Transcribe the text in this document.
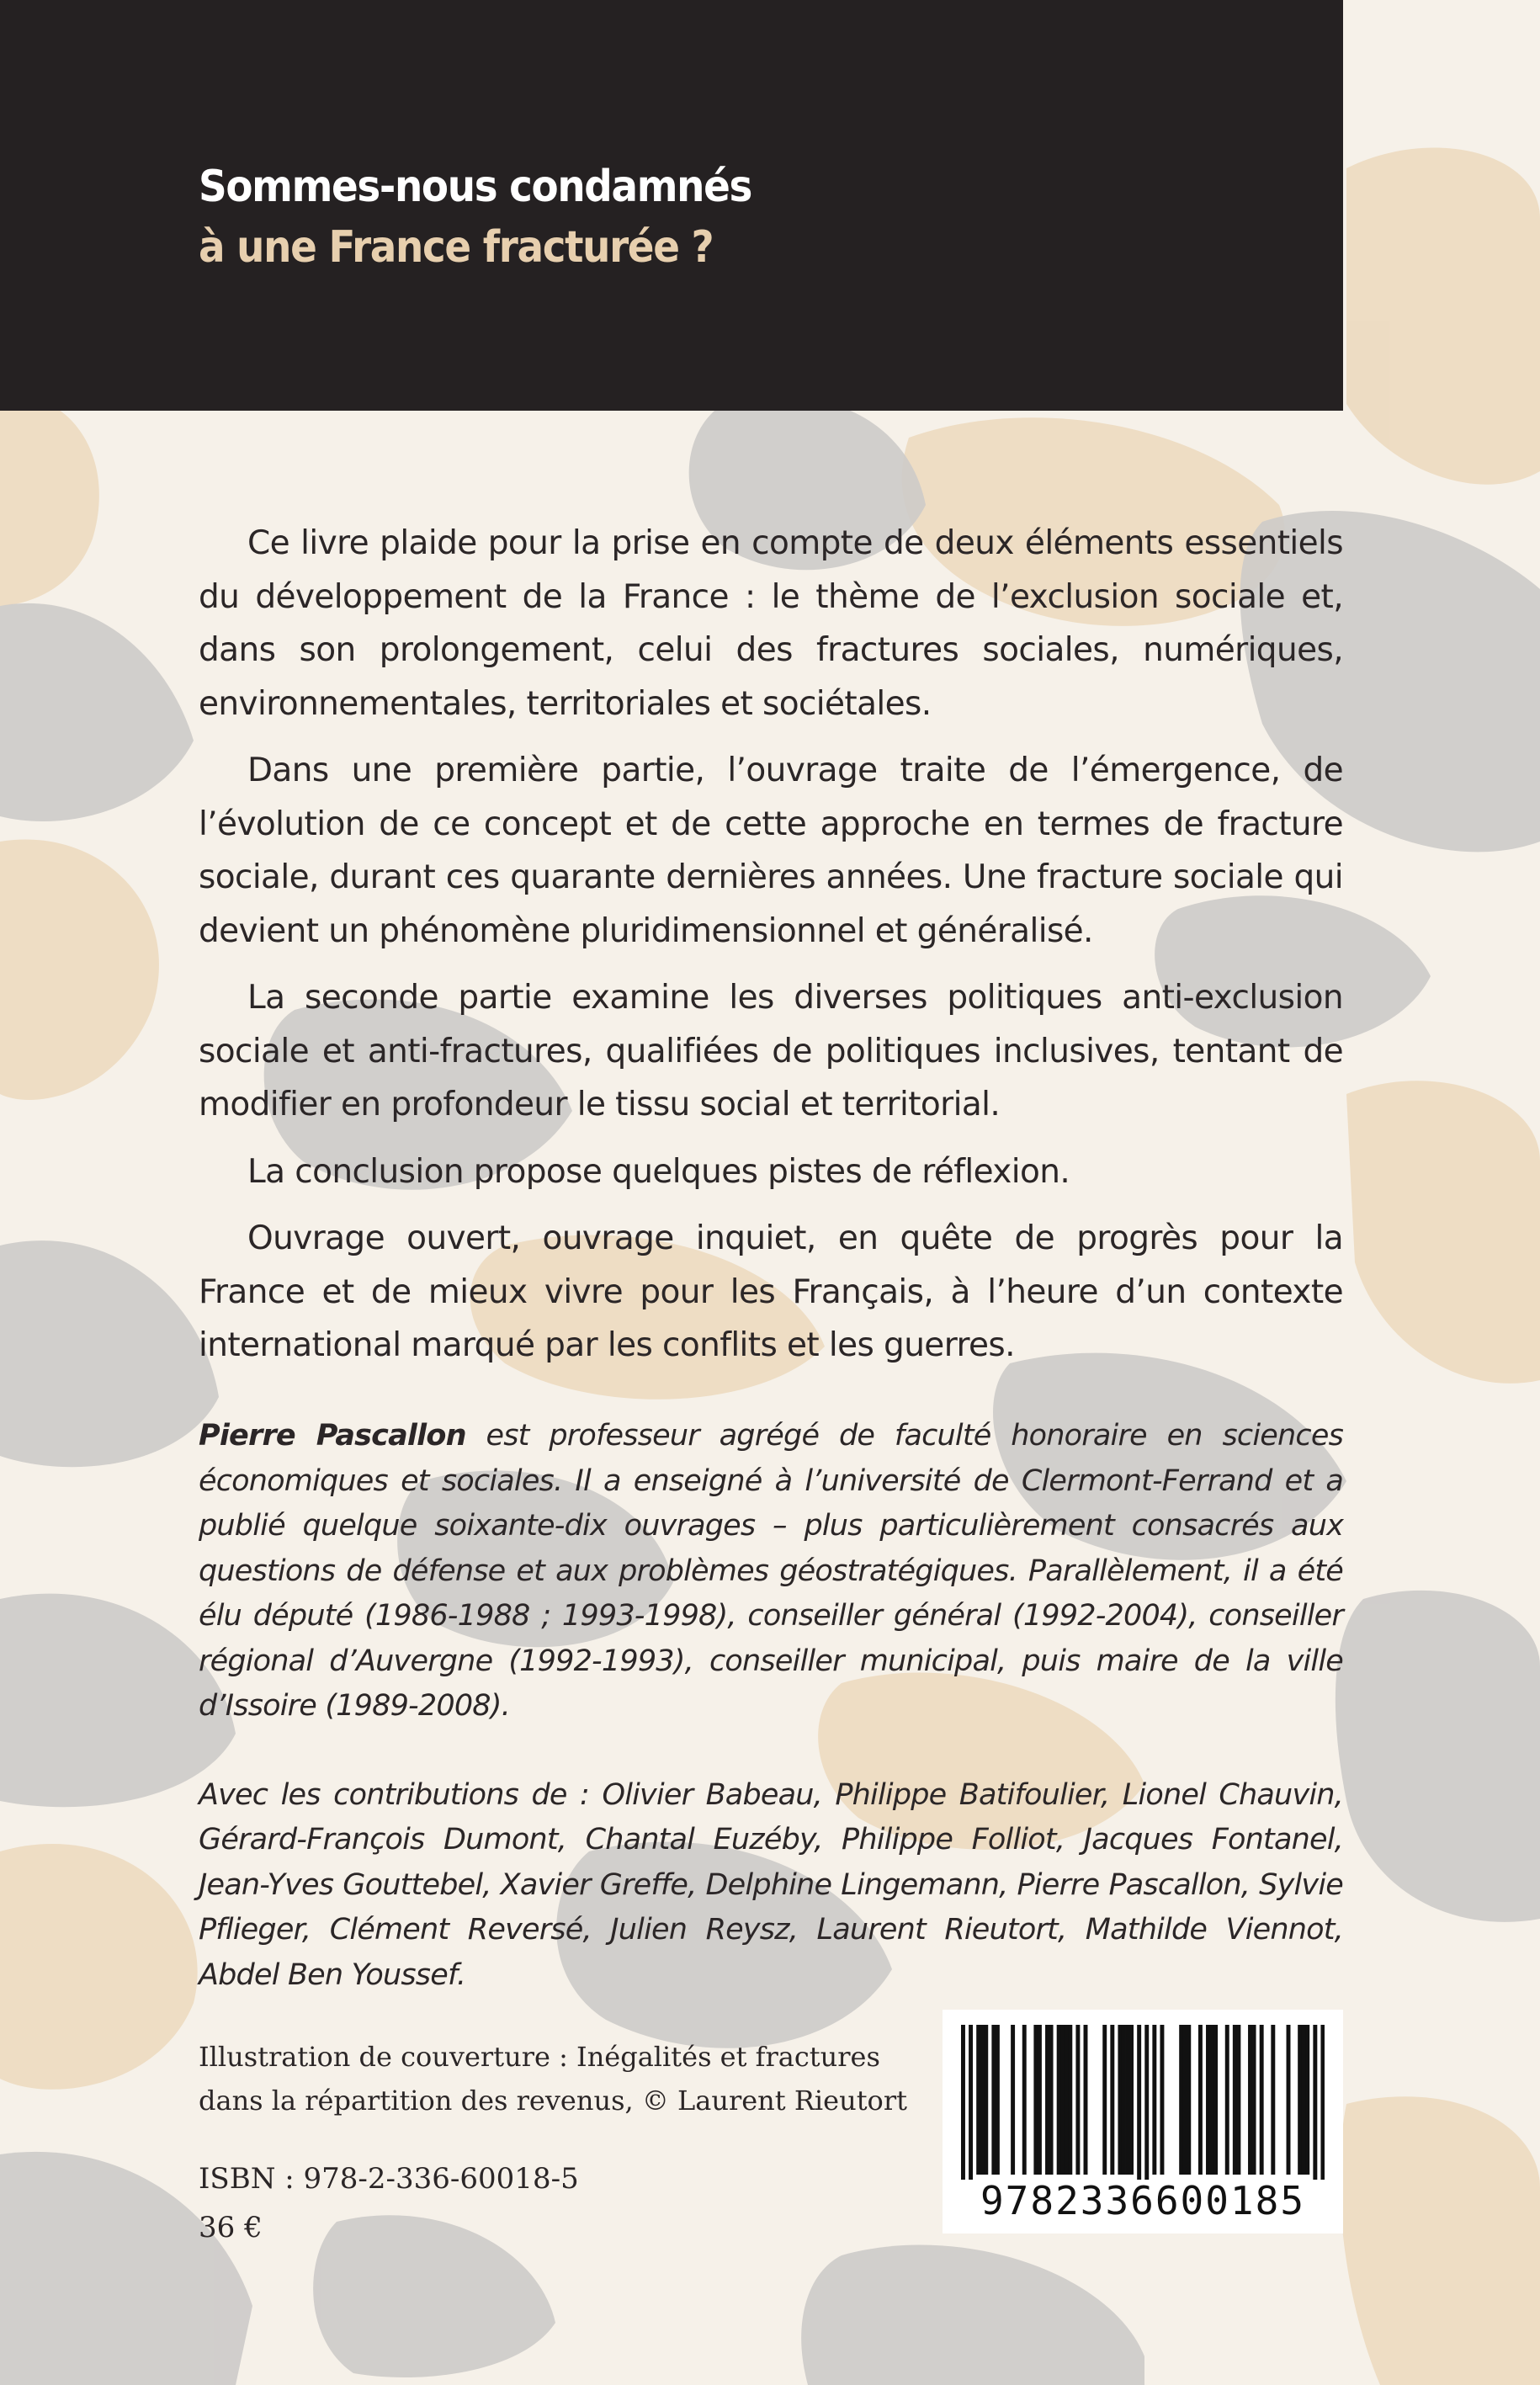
Sommes-nous condamnés
à une France fracturée ?

Ce livre plaide pour la prise en compte de deux éléments essentiels du développement de la France : le thème de l’exclusion sociale et, dans son prolongement, celui des fractures sociales, numériques, environnementales, territoriales et sociétales.

Dans une première partie, l’ouvrage traite de l’émergence, de l’évolution de ce concept et de cette approche en termes de fracture sociale, durant ces quarante dernières années. Une fracture sociale qui devient un phénomène pluridimensionnel et généralisé.

La seconde partie examine les diverses politiques anti-exclusion sociale et anti-fractures, qualifiées de politiques inclusives, tentant de modifier en profondeur le tissu social et territorial.

La conclusion propose quelques pistes de réflexion.

Ouvrage ouvert, ouvrage inquiet, en quête de progrès pour la France et de mieux vivre pour les Français, à l’heure d’un contexte international marqué par les conflits et les guerres.

Pierre Pascallon est professeur agrégé de faculté honoraire en sciences économiques et sociales. Il a enseigné à l’université de Clermont-Ferrand et a publié quelque soixante-dix ouvrages – plus particulièrement consacrés aux questions de défense et aux problèmes géostratégiques. Parallèlement, il a été élu député (1986-1988 ; 1993-1998), conseiller général (1992-2004), conseiller régional d’Auvergne (1992-1993), conseiller municipal, puis maire de la ville d’Issoire (1989-2008).

Avec les contributions de : Olivier Babeau, Philippe Batifoulier, Lionel Chauvin, Gérard-François Dumont, Chantal Euzéby, Philippe Folliot, Jacques Fontanel, Jean-Yves Gouttebel, Xavier Greffe, Delphine Lingemann, Pierre Pascallon, Sylvie Pflieger, Clément Reversé, Julien Reysz, Laurent Rieutort, Mathilde Viennot, Abdel Ben Youssef.

Illustration de couverture : Inégalités et fractures
dans la répartition des revenus, © Laurent Rieutort
ISBN : 978-2-336-60018-5
36 €
9782336600185
